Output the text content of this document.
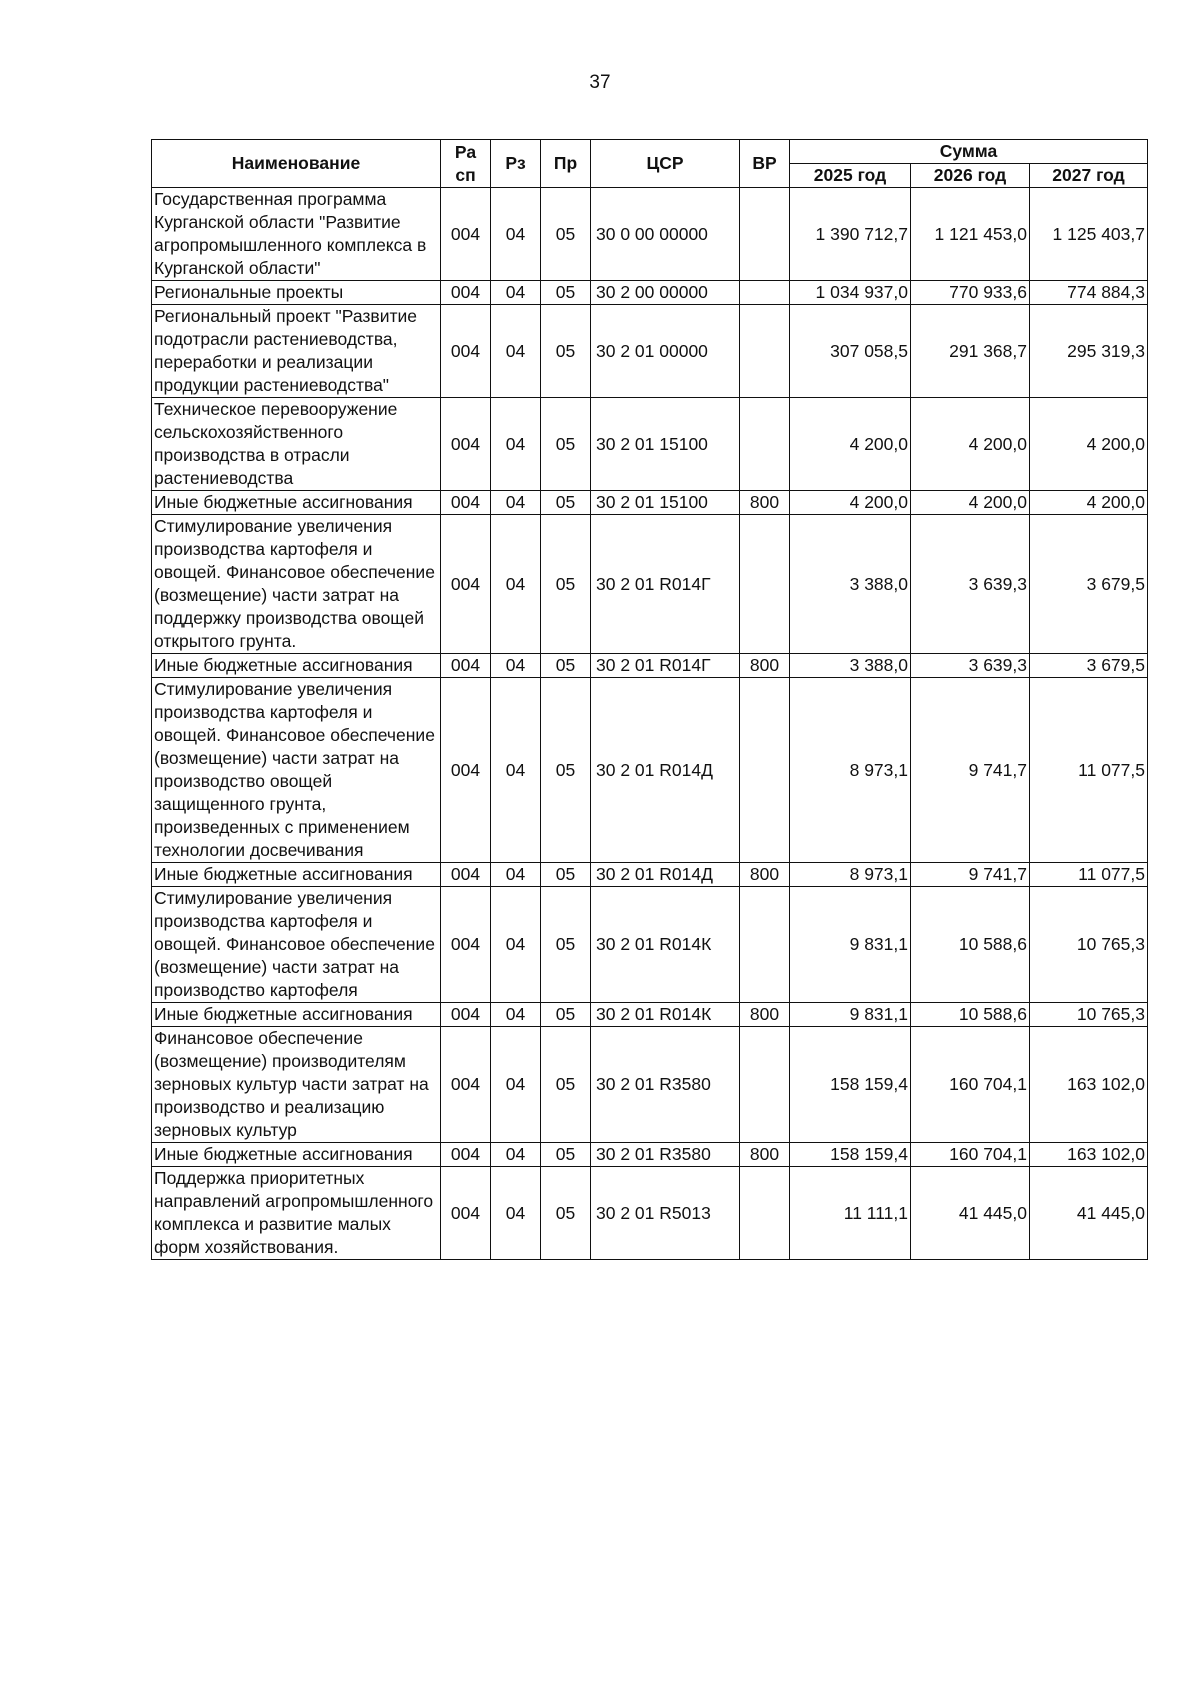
37
Наименование	Ра сп	Рз	Пр	ЦСР	ВР	Сумма		
						2025 год	2026 год	2027 год
Государственная программа Курганской области "Развитие агропромышленного комплекса в Курганской области"	004	04	05	30 0 00 00000		1 390 712,7	1 121 453,0	1 125 403,7
Региональные проекты	004	04	05	30 2 00 00000		1 034 937,0	770 933,6	774 884,3
Региональный проект "Развитие подотрасли растениеводства, переработки и реализации продукции растениеводства"	004	04	05	30 2 01 00000		307 058,5	291 368,7	295 319,3
Техническое перевооружение сельскохозяйственного производства в отрасли растениеводства	004	04	05	30 2 01 15100		4 200,0	4 200,0	4 200,0
Иные бюджетные ассигнования	004	04	05	30 2 01 15100	800	4 200,0	4 200,0	4 200,0
Стимулирование увеличения производства картофеля и овощей. Финансовое обеспечение (возмещение) части затрат на поддержку производства овощей открытого грунта.	004	04	05	30 2 01 R014Г		3 388,0	3 639,3	3 679,5
Иные бюджетные ассигнования	004	04	05	30 2 01 R014Г	800	3 388,0	3 639,3	3 679,5
Стимулирование увеличения производства картофеля и овощей. Финансовое обеспечение (возмещение) части затрат на производство овощей защищенного грунта, произведенных с применением технологии досвечивания	004	04	05	30 2 01 R014Д		8 973,1	9 741,7	11 077,5
Иные бюджетные ассигнования	004	04	05	30 2 01 R014Д	800	8 973,1	9 741,7	11 077,5
Стимулирование увеличения производства картофеля и овощей. Финансовое обеспечение (возмещение) части затрат на производство картофеля	004	04	05	30 2 01 R014К		9 831,1	10 588,6	10 765,3
Иные бюджетные ассигнования	004	04	05	30 2 01 R014К	800	9 831,1	10 588,6	10 765,3
Финансовое обеспечение (возмещение) производителям зерновых культур части затрат на производство и реализацию зерновых культур	004	04	05	30 2 01 R3580		158 159,4	160 704,1	163 102,0
Иные бюджетные ассигнования	004	04	05	30 2 01 R3580	800	158 159,4	160 704,1	163 102,0
Поддержка приоритетных направлений агропромышленного комплекса и развитие малых форм хозяйствования.	004	04	05	30 2 01 R5013		11 111,1	41 445,0	41 445,0
